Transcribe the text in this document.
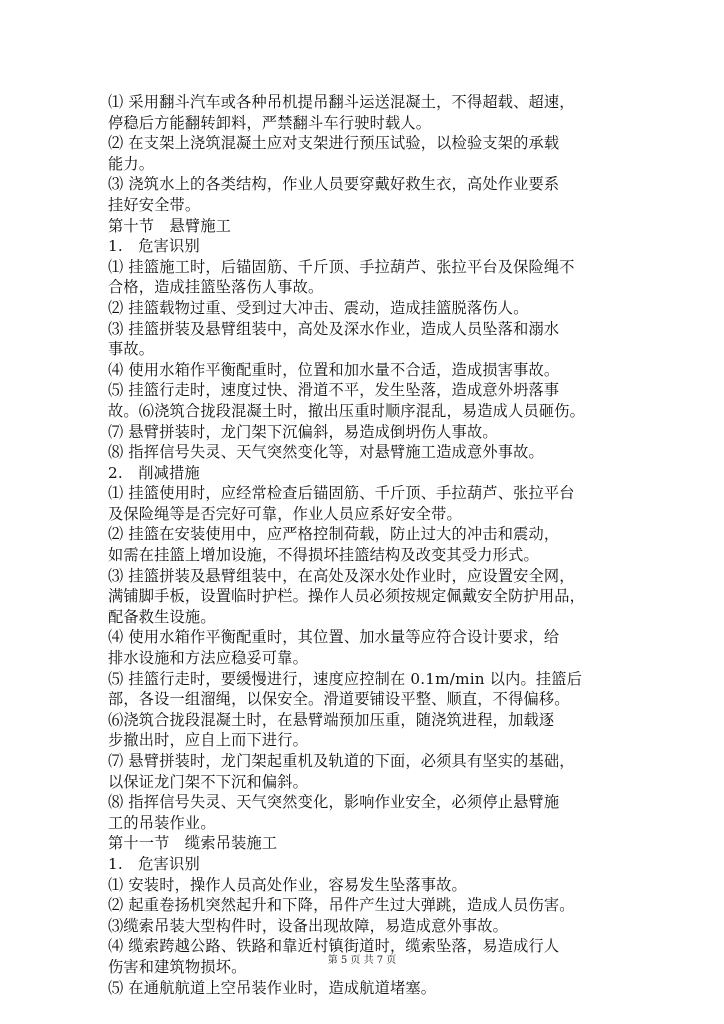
⑴ 采用翻斗汽车或各种吊机提吊翻斗运送混凝土，不得超载、超速，
停稳后方能翻转卸料，严禁翻斗车行驶时载人。
⑵ 在支架上浇筑混凝土应对支架进行预压试验，以检验支架的承载
能力。
⑶ 浇筑水上的各类结构，作业人员要穿戴好救生衣，高处作业要系
挂好安全带。
第十节　悬臂施工
1.　危害识别
⑴ 挂篮施工时，后锚固筋、千斤顶、手拉葫芦、张拉平台及保险绳不
合格，造成挂篮坠落伤人事故。
⑵ 挂篮载物过重、受到过大冲击、震动，造成挂篮脱落伤人。
⑶ 挂篮拼装及悬臂组装中，高处及深水作业，造成人员坠落和溺水
事故。
⑷ 使用水箱作平衡配重时，位置和加水量不合适，造成损害事故。
⑸ 挂篮行走时，速度过快、滑道不平，发生坠落，造成意外坍落事
故。⑹浇筑合拢段混凝土时，撤出压重时顺序混乱，易造成人员砸伤。
⑺ 悬臂拼装时，龙门架下沉偏斜，易造成倒坍伤人事故。
⑻ 指挥信号失灵、天气突然变化等，对悬臂施工造成意外事故。
2.　削减措施
⑴ 挂篮使用时，应经常检查后锚固筋、千斤顶、手拉葫芦、张拉平台
及保险绳等是否完好可靠，作业人员应系好安全带。
⑵ 挂篮在安装使用中，应严格控制荷载，防止过大的冲击和震动，
如需在挂篮上增加设施，不得损坏挂篮结构及改变其受力形式。
⑶ 挂篮拼装及悬臂组装中，在高处及深水处作业时，应设置安全网，
满铺脚手板，设置临时护栏。操作人员必须按规定佩戴安全防护用品，
配备救生设施。
⑷ 使用水箱作平衡配重时，其位置、加水量等应符合设计要求，给
排水设施和方法应稳妥可靠。
⑸ 挂篮行走时，要缓慢进行，速度应控制在 0.1m/min 以内。挂篮后
部，各设一组溜绳，以保安全。滑道要铺设平整、顺直，不得偏移。
⑹浇筑合拢段混凝土时，在悬臂端预加压重，随浇筑进程，加载逐
步撤出时，应自上而下进行。
⑺ 悬臂拼装时，龙门架起重机及轨道的下面，必须具有坚实的基础，
以保证龙门架不下沉和偏斜。
⑻ 指挥信号失灵、天气突然变化，影响作业安全，必须停止悬臂施
工的吊装作业。
第十一节　缆索吊装施工
1.　危害识别
⑴ 安装时，操作人员高处作业，容易发生坠落事故。
⑵ 起重卷扬机突然起升和下降，吊件产生过大弹跳，造成人员伤害。
⑶缆索吊装大型构件时，设备出现故障，易造成意外事故。
⑷ 缆索跨越公路、铁路和靠近村镇街道时，缆索坠落，易造成行人
伤害和建筑物损坏。
⑸ 在通航航道上空吊装作业时，造成航道堵塞。
第 5 页 共 7 页
